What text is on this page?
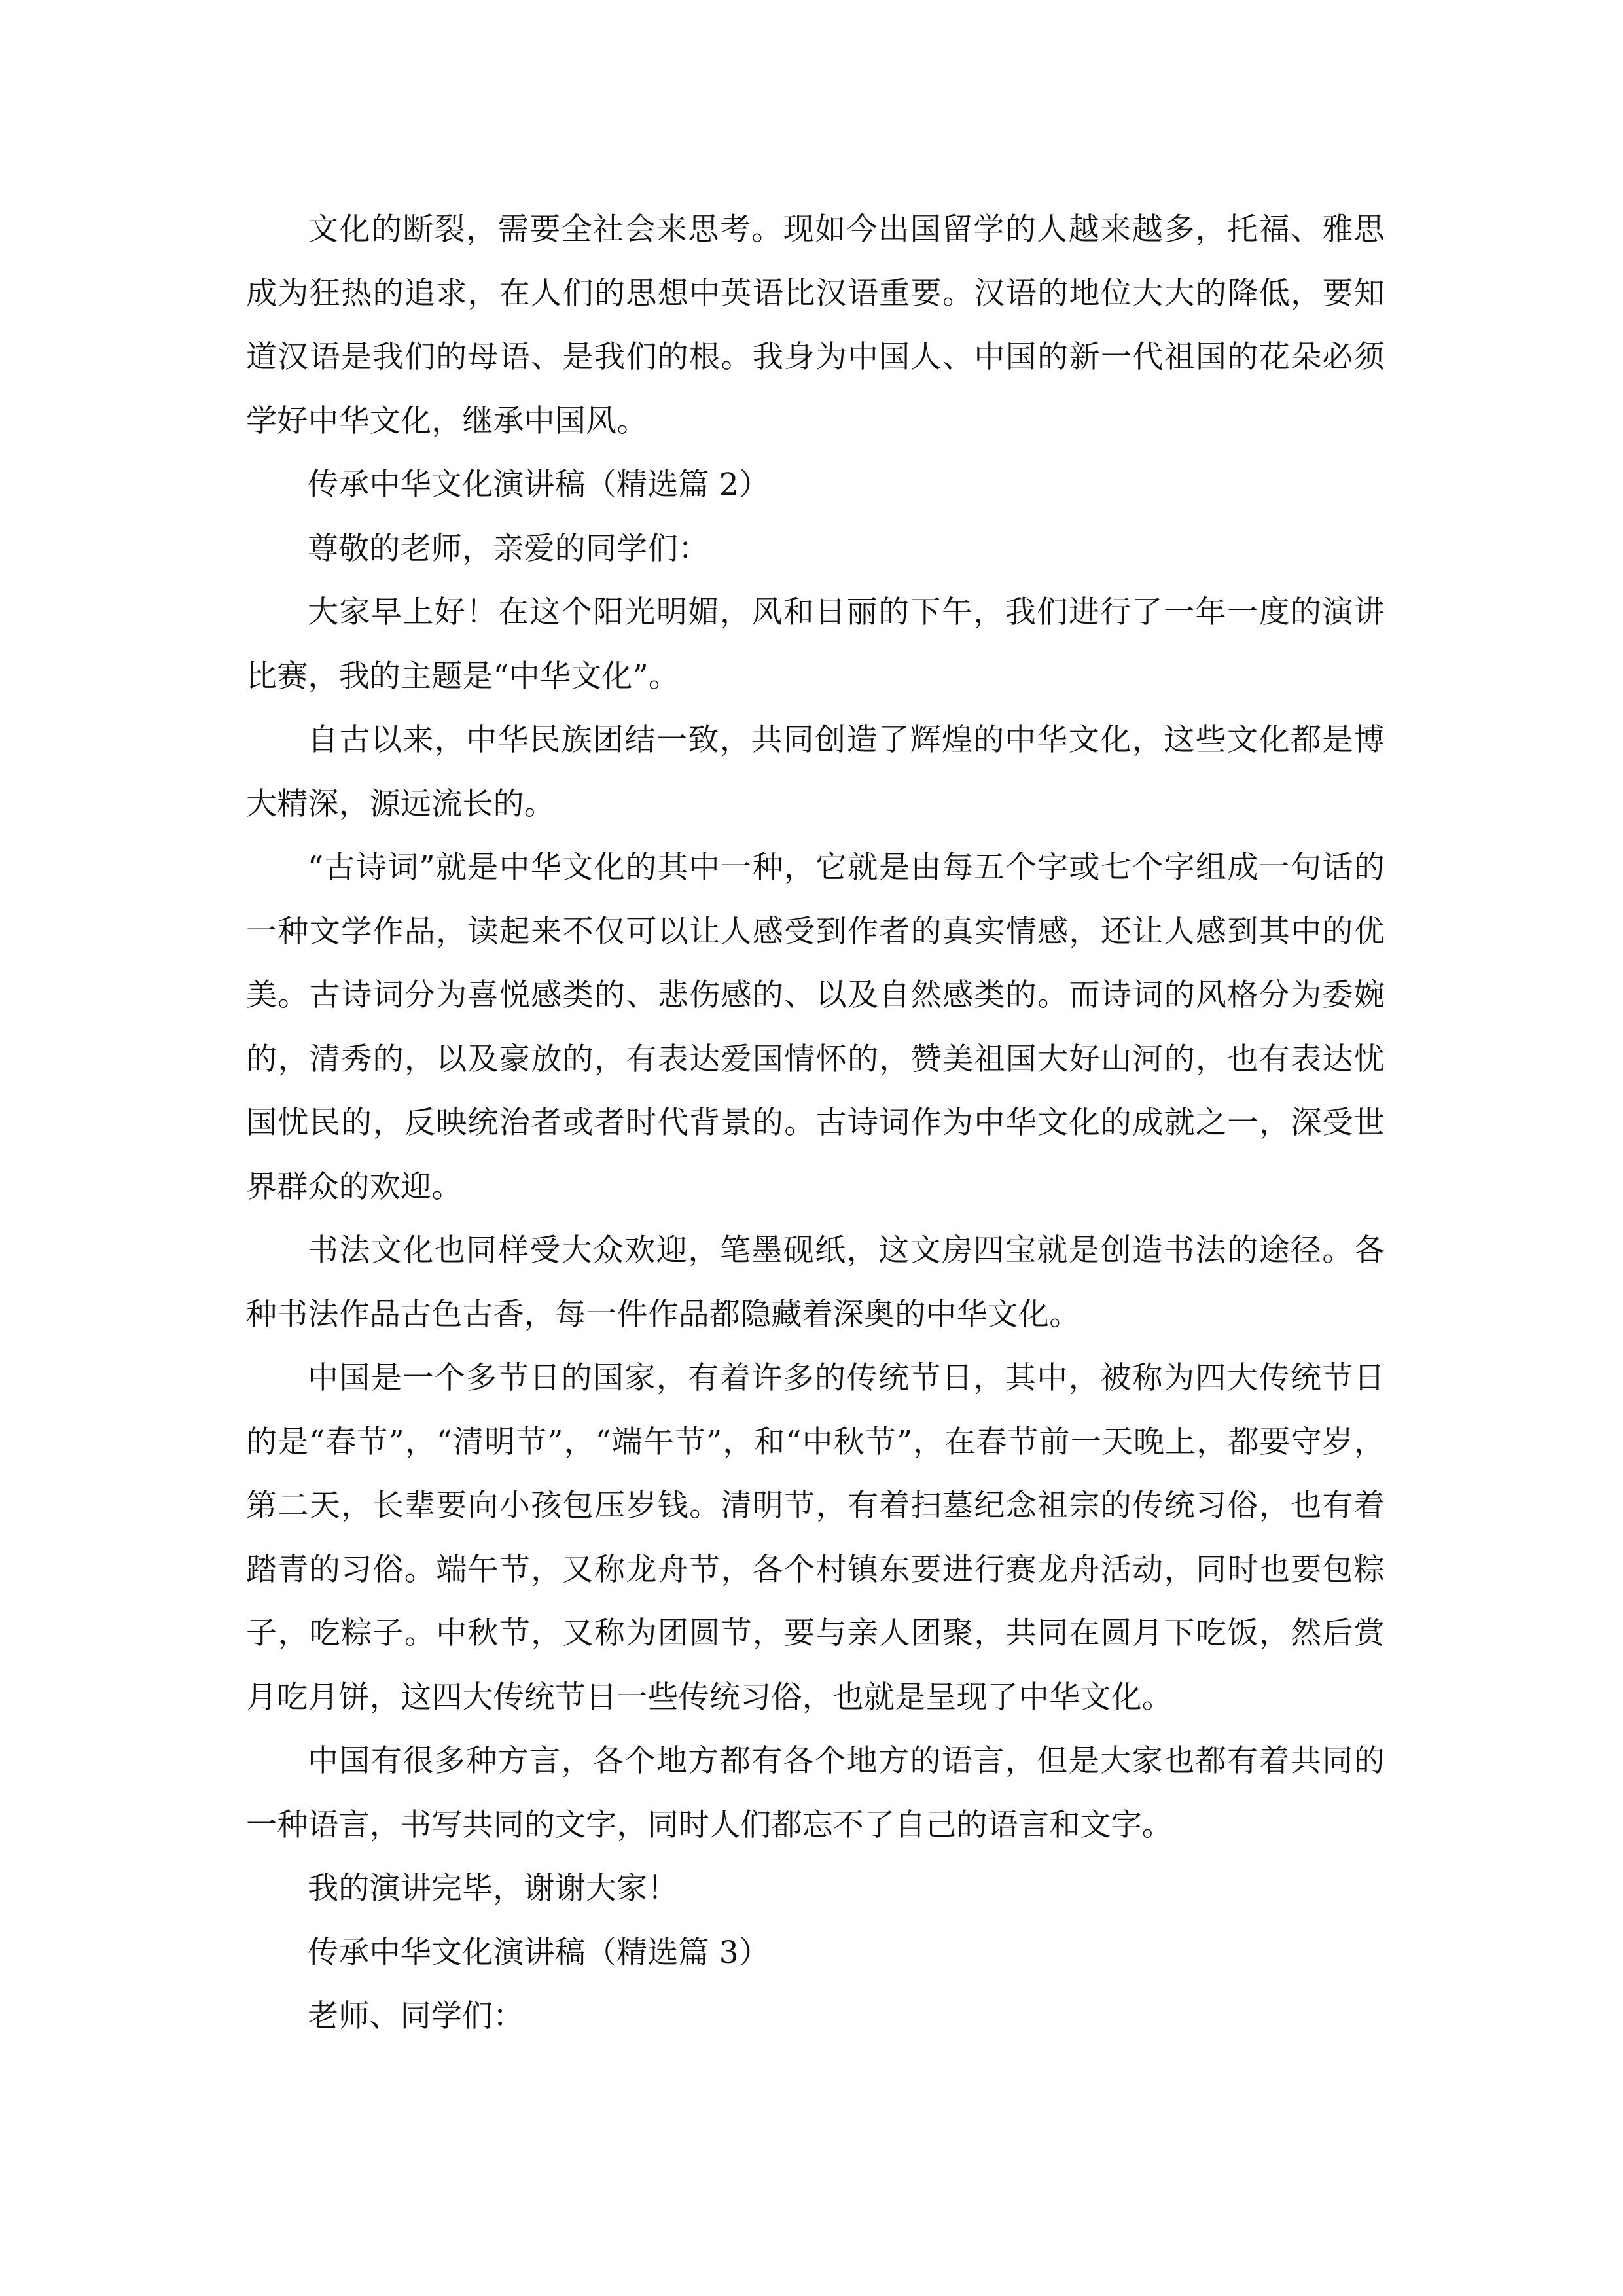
文化的断裂，需要全社会来思考。现如今出国留学的人越来越多，托福、雅思成为狂热的追求，在人们的思想中英语比汉语重要。汉语的地位大大的降低，要知道汉语是我们的母语、是我们的根。我身为中国人、中国的新一代祖国的花朵必须学好中华文化，继承中国风。

传承中华文化演讲稿（精选篇 2）

尊敬的老师，亲爱的同学们：

大家早上好！在这个阳光明媚，风和日丽的下午，我们进行了一年一度的演讲比赛，我的主题是“中华文化”。

自古以来，中华民族团结一致，共同创造了辉煌的中华文化，这些文化都是博大精深，源远流长的。

“古诗词”就是中华文化的其中一种，它就是由每五个字或七个字组成一句话的一种文学作品，读起来不仅可以让人感受到作者的真实情感，还让人感到其中的优美。古诗词分为喜悦感类的、悲伤感的、以及自然感类的。而诗词的风格分为委婉的，清秀的，以及豪放的，有表达爱国情怀的，赞美祖国大好山河的，也有表达忧国忧民的，反映统治者或者时代背景的。古诗词作为中华文化的成就之一，深受世界群众的欢迎。

书法文化也同样受大众欢迎，笔墨砚纸，这文房四宝就是创造书法的途径。各种书法作品古色古香，每一件作品都隐藏着深奥的中华文化。

中国是一个多节日的国家，有着许多的传统节日，其中，被称为四大传统节日的是“春节”，“清明节”，“端午节”，和“中秋节”，在春节前一天晚上，都要守岁，第二天，长辈要向小孩包压岁钱。清明节，有着扫墓纪念祖宗的传统习俗，也有着踏青的习俗。端午节，又称龙舟节，各个村镇东要进行赛龙舟活动，同时也要包粽子，吃粽子。中秋节，又称为团圆节，要与亲人团聚，共同在圆月下吃饭，然后赏月吃月饼，这四大传统节日一些传统习俗，也就是呈现了中华文化。

中国有很多种方言，各个地方都有各个地方的语言，但是大家也都有着共同的一种语言，书写共同的文字，同时人们都忘不了自己的语言和文字。

我的演讲完毕，谢谢大家！

传承中华文化演讲稿（精选篇 3）

老师、同学们：
